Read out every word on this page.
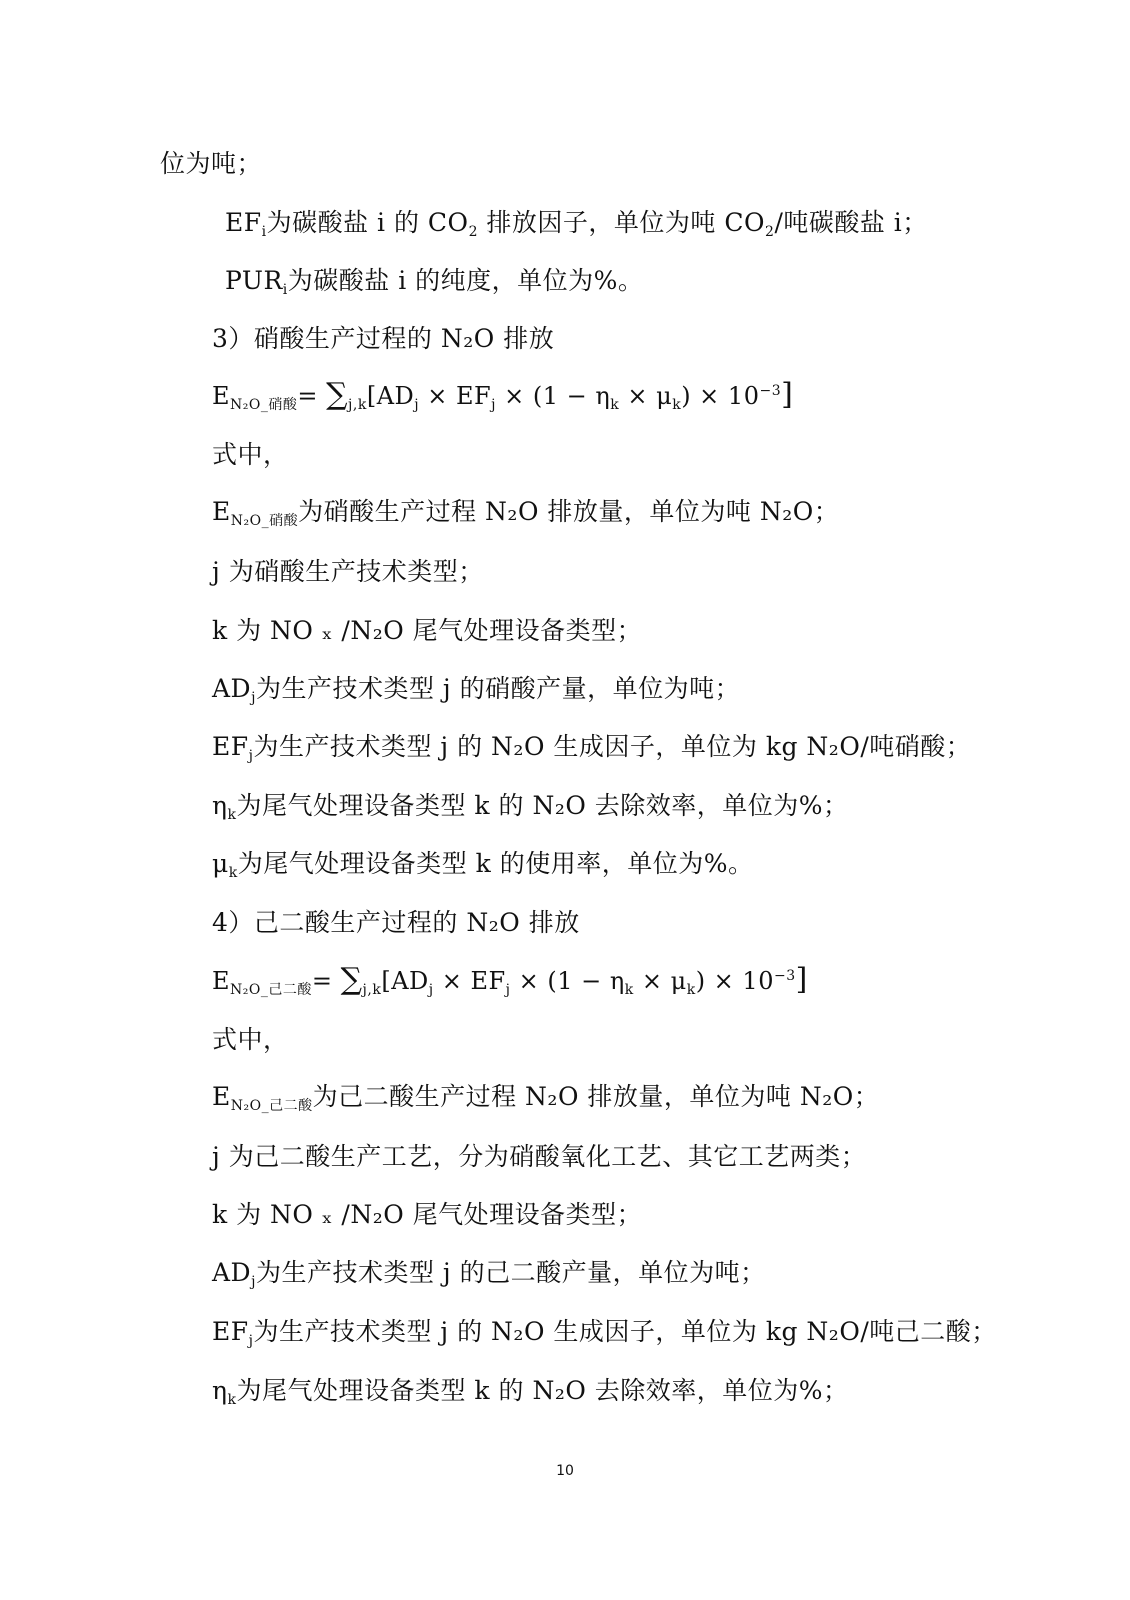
位为吨；
$EF_i$为碳酸盐 i 的 $CO_2$ 排放因子，单位为吨 $CO_2/$吨碳酸盐 i；
$PUR_i$为碳酸盐 i 的纯度，单位为%。
3）硝酸生产过程的 N₂O 排放
$E_{N_2O\_硝酸}= \sum_{j,k}[AD_j \times EF_j \times (1 - \eta_k \times \mu_k) \times 10^{-3}]$
式中，
$E_{N_2O\_硝酸}$为硝酸生产过程 N₂O 排放量，单位为吨 N₂O；
j 为硝酸生产技术类型；
k 为 NO ₓ /N₂O 尾气处理设备类型；
$AD_j$为生产技术类型 j 的硝酸产量，单位为吨；
$EF_j$为生产技术类型 j 的 N₂O 生成因子，单位为 kg N₂O/吨硝酸；
$\eta_k$为尾气处理设备类型 k 的 N₂O 去除效率，单位为%；
$\mu_k$为尾气处理设备类型 k 的使用率，单位为%。
4）己二酸生产过程的 N₂O 排放
$E_{N_2O\_己二酸}= \sum_{j,k}[AD_j \times EF_j \times (1 - \eta_k \times \mu_k) \times 10^{-3}]$
式中，
$E_{N_2O\_己二酸}$为己二酸生产过程 N₂O 排放量，单位为吨 N₂O；
j 为己二酸生产工艺，分为硝酸氧化工艺、其它工艺两类；
k 为 NO ₓ /N₂O 尾气处理设备类型；
$AD_j$为生产技术类型 j 的己二酸产量，单位为吨；
$EF_j$为生产技术类型 j 的 N₂O 生成因子，单位为 kg N₂O/吨己二酸；
$\eta_k$为尾气处理设备类型 k 的 N₂O 去除效率，单位为%；
10
